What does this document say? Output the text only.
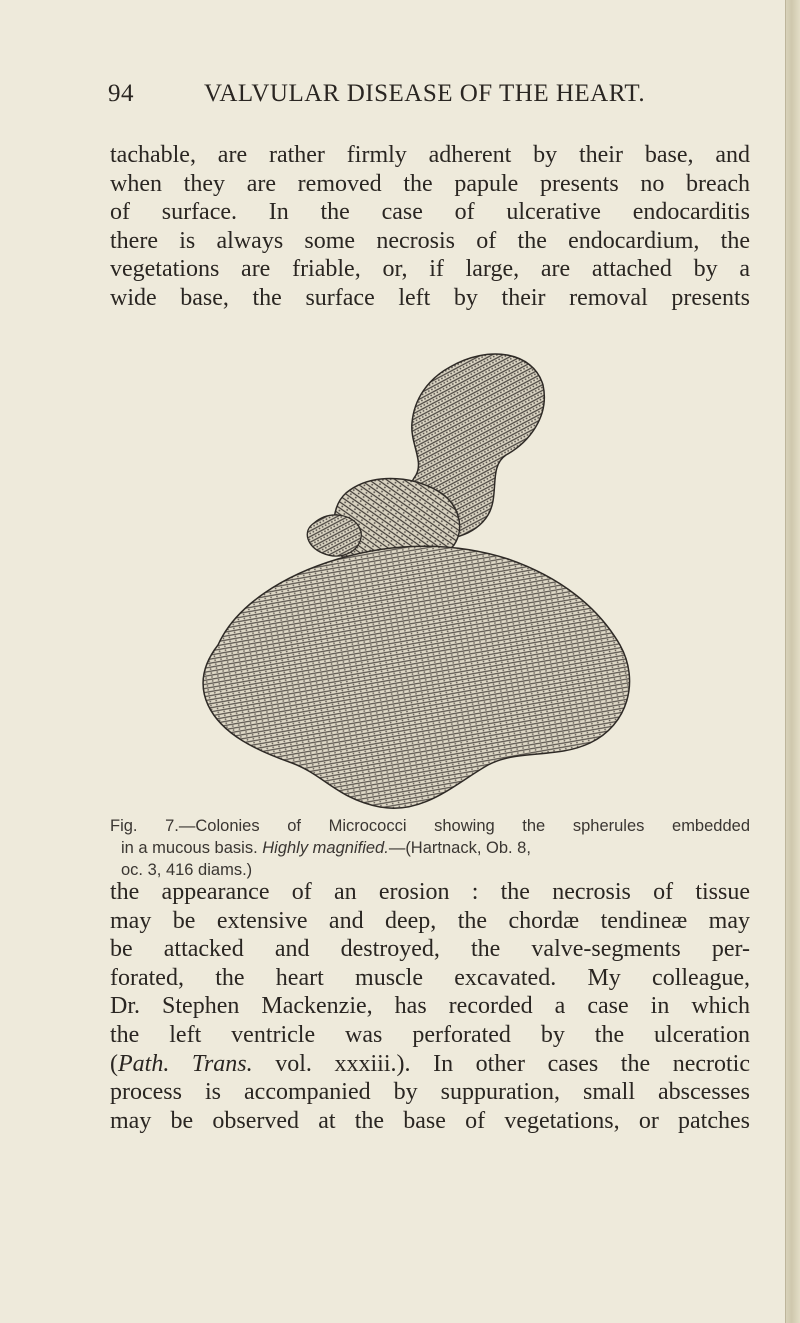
94	VALVULAR DISEASE OF THE HEART.
tachable, are rather firmly adherent by their base, and
when they are removed the papule presents no breach
of surface. In the case of ulcerative endocarditis
there is always some necrosis of the endocardium, the
vegetations are friable, or, if large, are attached by a
wide base, the surface left by their removal presents
Fig. 7.—Colonies of Micrococci showing the spherules embedded
in a mucous basis. Highly magnified.—(Hartnack, Ob. 8,
oc. 3, 416 diams.)
the appearance of an erosion : the necrosis of tissue
may be extensive and deep, the chordæ tendineæ may
be attacked and destroyed, the valve-segments per-
forated, the heart muscle excavated. My colleague,
Dr. Stephen Mackenzie, has recorded a case in which
the left ventricle was perforated by the ulceration
(Path. Trans. vol. xxxiii.). In other cases the necrotic
process is accompanied by suppuration, small abscesses
may be observed at the base of vegetations, or patches
